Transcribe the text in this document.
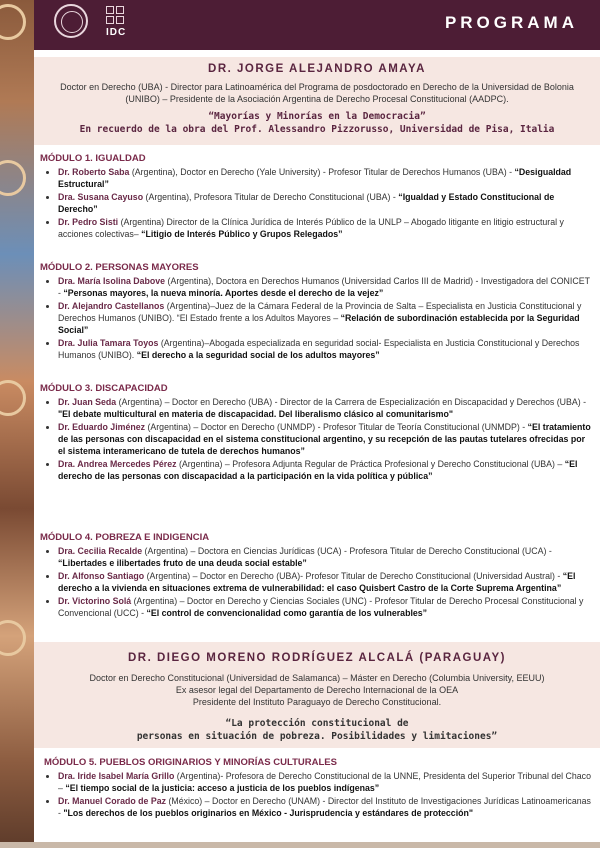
IDC
PROGRAMA
DR. JORGE ALEJANDRO AMAYA
Doctor en Derecho (UBA) - Director para Latinoamérica del Programa de posdoctorado en Derecho de la Universidad de Bolonia (UNIBO) – Presidente de la Asociación Argentina de Derecho Procesal Constitucional (AADPC).
“Mayorías y Minorías en la Democracia”
En recuerdo de la obra del Prof. Alessandro Pizzorusso, Universidad de Pisa, Italia
MÓDULO 1. IGUALDAD
• Dr. Roberto Saba (Argentina), Doctor en Derecho (Yale University) - Profesor Titular de Derechos Humanos (UBA) - “Desigualdad Estructural”
• Dra. Susana Cayuso (Argentina), Profesora Titular de Derecho Constitucional (UBA) - “Igualdad y Estado Constitucional de Derecho”
• Dr. Pedro Sisti (Argentina) Director de la Clínica Jurídica de Interés Público de la UNLP – Abogado litigante en litigio estructural y acciones colectivas– “Litigio de Interés Público y Grupos Relegados”
MÓDULO 2. PERSONAS MAYORES
• Dra. María Isolina Dabove (Argentina), Doctora en Derechos Humanos (Universidad Carlos III de Madrid) - Investigadora del CONICET - “Personas mayores, la nueva minoría. Aportes desde el derecho de la vejez”
• Dr. Alejandro Castellanos (Argentina)–Juez de la Cámara Federal de la Provincia de Salta – Especialista en Justicia Constitucional y Derechos Humanos (UNIBO). “El Estado frente a los Adultos Mayores – “Relación de subordinación establecida por la Seguridad Social”
• Dra. Julia Tamara Toyos (Argentina)–Abogada especializada en seguridad social- Especialista en Justicia Constitucional y Derechos Humanos (UNIBO). “El derecho a la seguridad social de los adultos mayores”
MÓDULO 3. DISCAPACIDAD
• Dr. Juan Seda (Argentina) – Doctor en Derecho (UBA) - Director de la Carrera de Especialización en Discapacidad y Derechos (UBA) - "El debate multicultural en materia de discapacidad. Del liberalismo clásico al comunitarismo"
• Dr. Eduardo Jiménez (Argentina) – Doctor en Derecho (UNMDP) - Profesor Titular de Teoría Constitucional (UNMDP) - “El tratamiento de las personas con discapacidad en el sistema constitucional argentino, y su recepción de las pautas tutelares ofrecidas por el sistema interamericano de tutela de derechos humanos”
• Dra. Andrea Mercedes Pérez (Argentina) – Profesora Adjunta Regular de Práctica Profesional y Derecho Constitucional (UBA) – “El derecho de las personas con discapacidad a la participación en la vida política y pública”
MÓDULO 4. POBREZA E INDIGENCIA
• Dra. Cecilia Recalde (Argentina) – Doctora en Ciencias Jurídicas (UCA) - Profesora Titular de Derecho Constitucional (UCA) - “Libertades e ilibertades fruto de una deuda social estable”
• Dr. Alfonso Santiago (Argentina) – Doctor en Derecho (UBA)- Profesor Titular de Derecho Constitucional (Universidad Austral) - “El derecho a la vivienda en situaciones extrema de vulnerabilidad: el caso Quisbert Castro de la Corte Suprema Argentina”
• Dr. Victorino Solá (Argentina) – Doctor en Derecho y Ciencias Sociales (UNC) - Profesor Titular de Derecho Procesal Constitucional y Convencional (UCC) - “El control de convencionalidad como garantía de los vulnerables”
DR. DIEGO MORENO RODRÍGUEZ ALCALÁ (PARAGUAY)
Doctor en Derecho Constitucional (Universidad de Salamanca) – Máster en Derecho (Columbia University, EEUU)
Ex asesor legal del Departamento de Derecho Internacional de la OEA
Presidente del Instituto Paraguayo de Derecho Constitucional.
“La protección constitucional de
personas en situación de pobreza. Posibilidades y limitaciones”
MÓDULO 5. PUEBLOS ORIGINARIOS Y MINORÍAS CULTURALES
• Dra. Iride Isabel María Grillo (Argentina)- Profesora de Derecho Constitucional de la UNNE, Presidenta del Superior Tribunal del Chaco – “El tiempo social de la justicia: acceso a justicia de los pueblos indígenas”
• Dr. Manuel Corado de Paz (México) – Doctor en Derecho (UNAM) - Director del Instituto de Investigaciones Jurídicas Latinoamericanas - "Los derechos de los pueblos originarios en México - Jurisprudencia y estándares de protección"
